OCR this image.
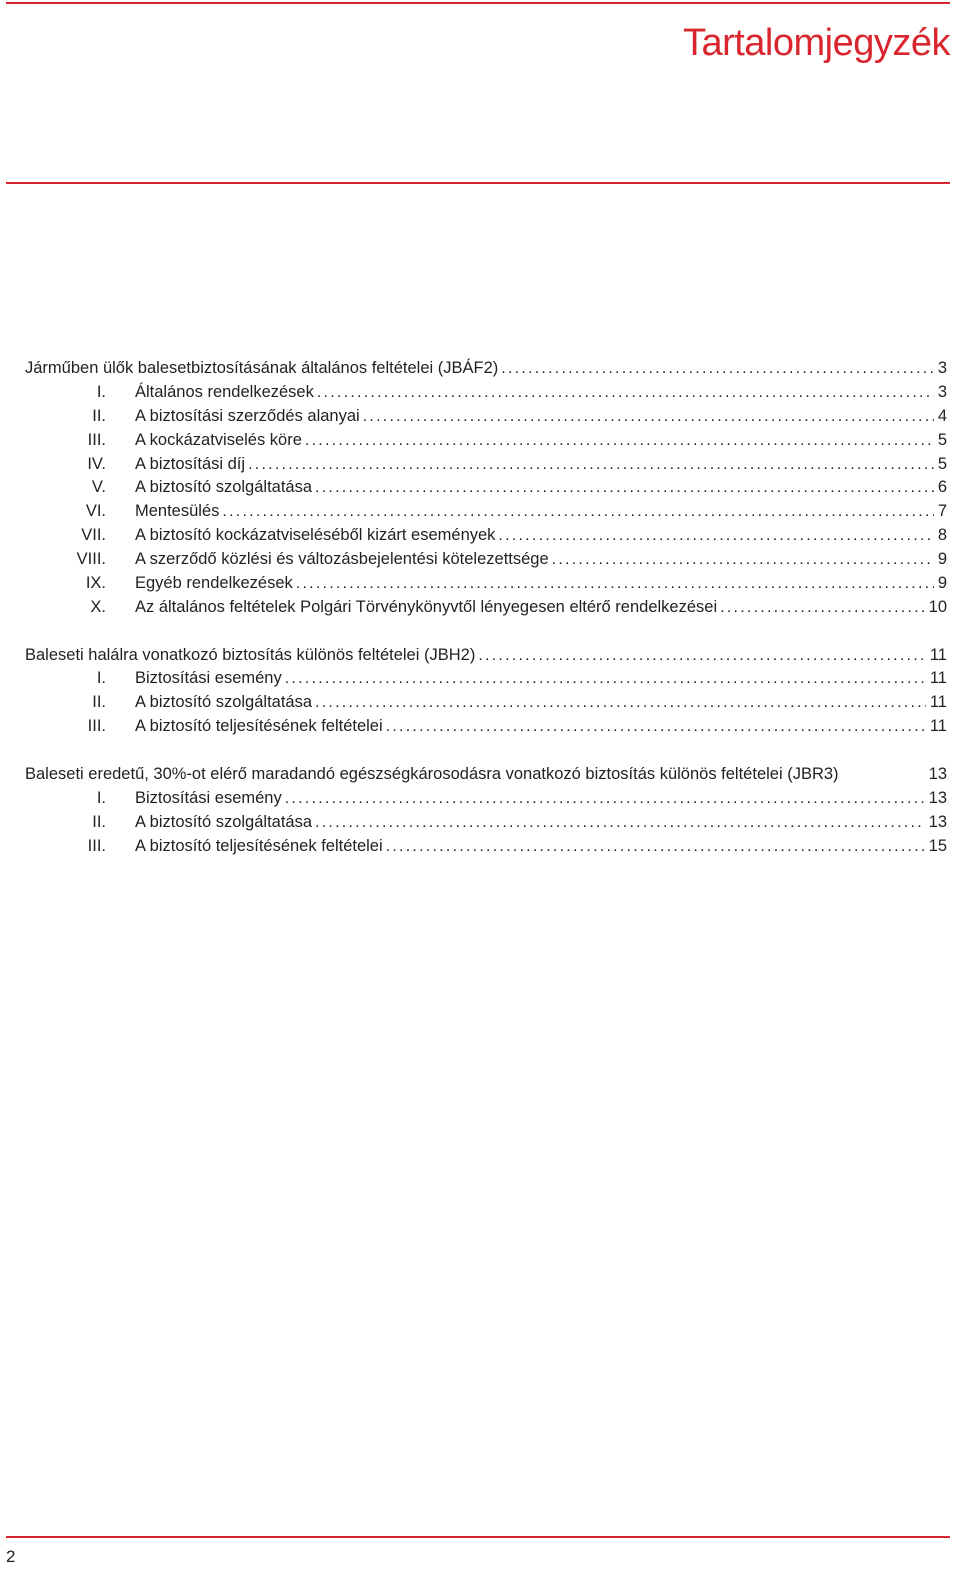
Tartalomjegyzék
Járműben ülők balesetbiztosításának általános feltételei (JBÁF2) . . .	3
I.	Általános rendelkezések . . .	3
II.	A biztosítási szerződés alanyai . . .	4
III.	A kockázatviselés köre . . .	5
IV.	A biztosítási díj . . .	5
V.	A biztosító szolgáltatása . . .	6
VI.	Mentesülés . . .	7
VII.	A biztosító kockázatviseléséből kizárt események . . .	8
VIII.	A szerződő közlési és változásbejelentési kötelezettsége . . .	9
IX.	Egyéb rendelkezések . . .	9
X.	Az általános feltételek Polgári Törvénykönyvtől lényegesen eltérő rendelkezései . . .	10
Baleseti halálra vonatkozó biztosítás különös feltételei (JBH2) . . .	11
I.	Biztosítási esemény . . .	11
II.	A biztosító szolgáltatása . . .	11
III.	A biztosító teljesítésének feltételei . . .	11
Baleseti eredetű, 30%-ot elérő maradandó egészségkárosodásra vonatkozó biztosítás különös feltételei (JBR3)	13
I.	Biztosítási esemény . . .	13
II.	A biztosító szolgáltatása . . .	13
III.	A biztosító teljesítésének feltételei . . .	15
2
